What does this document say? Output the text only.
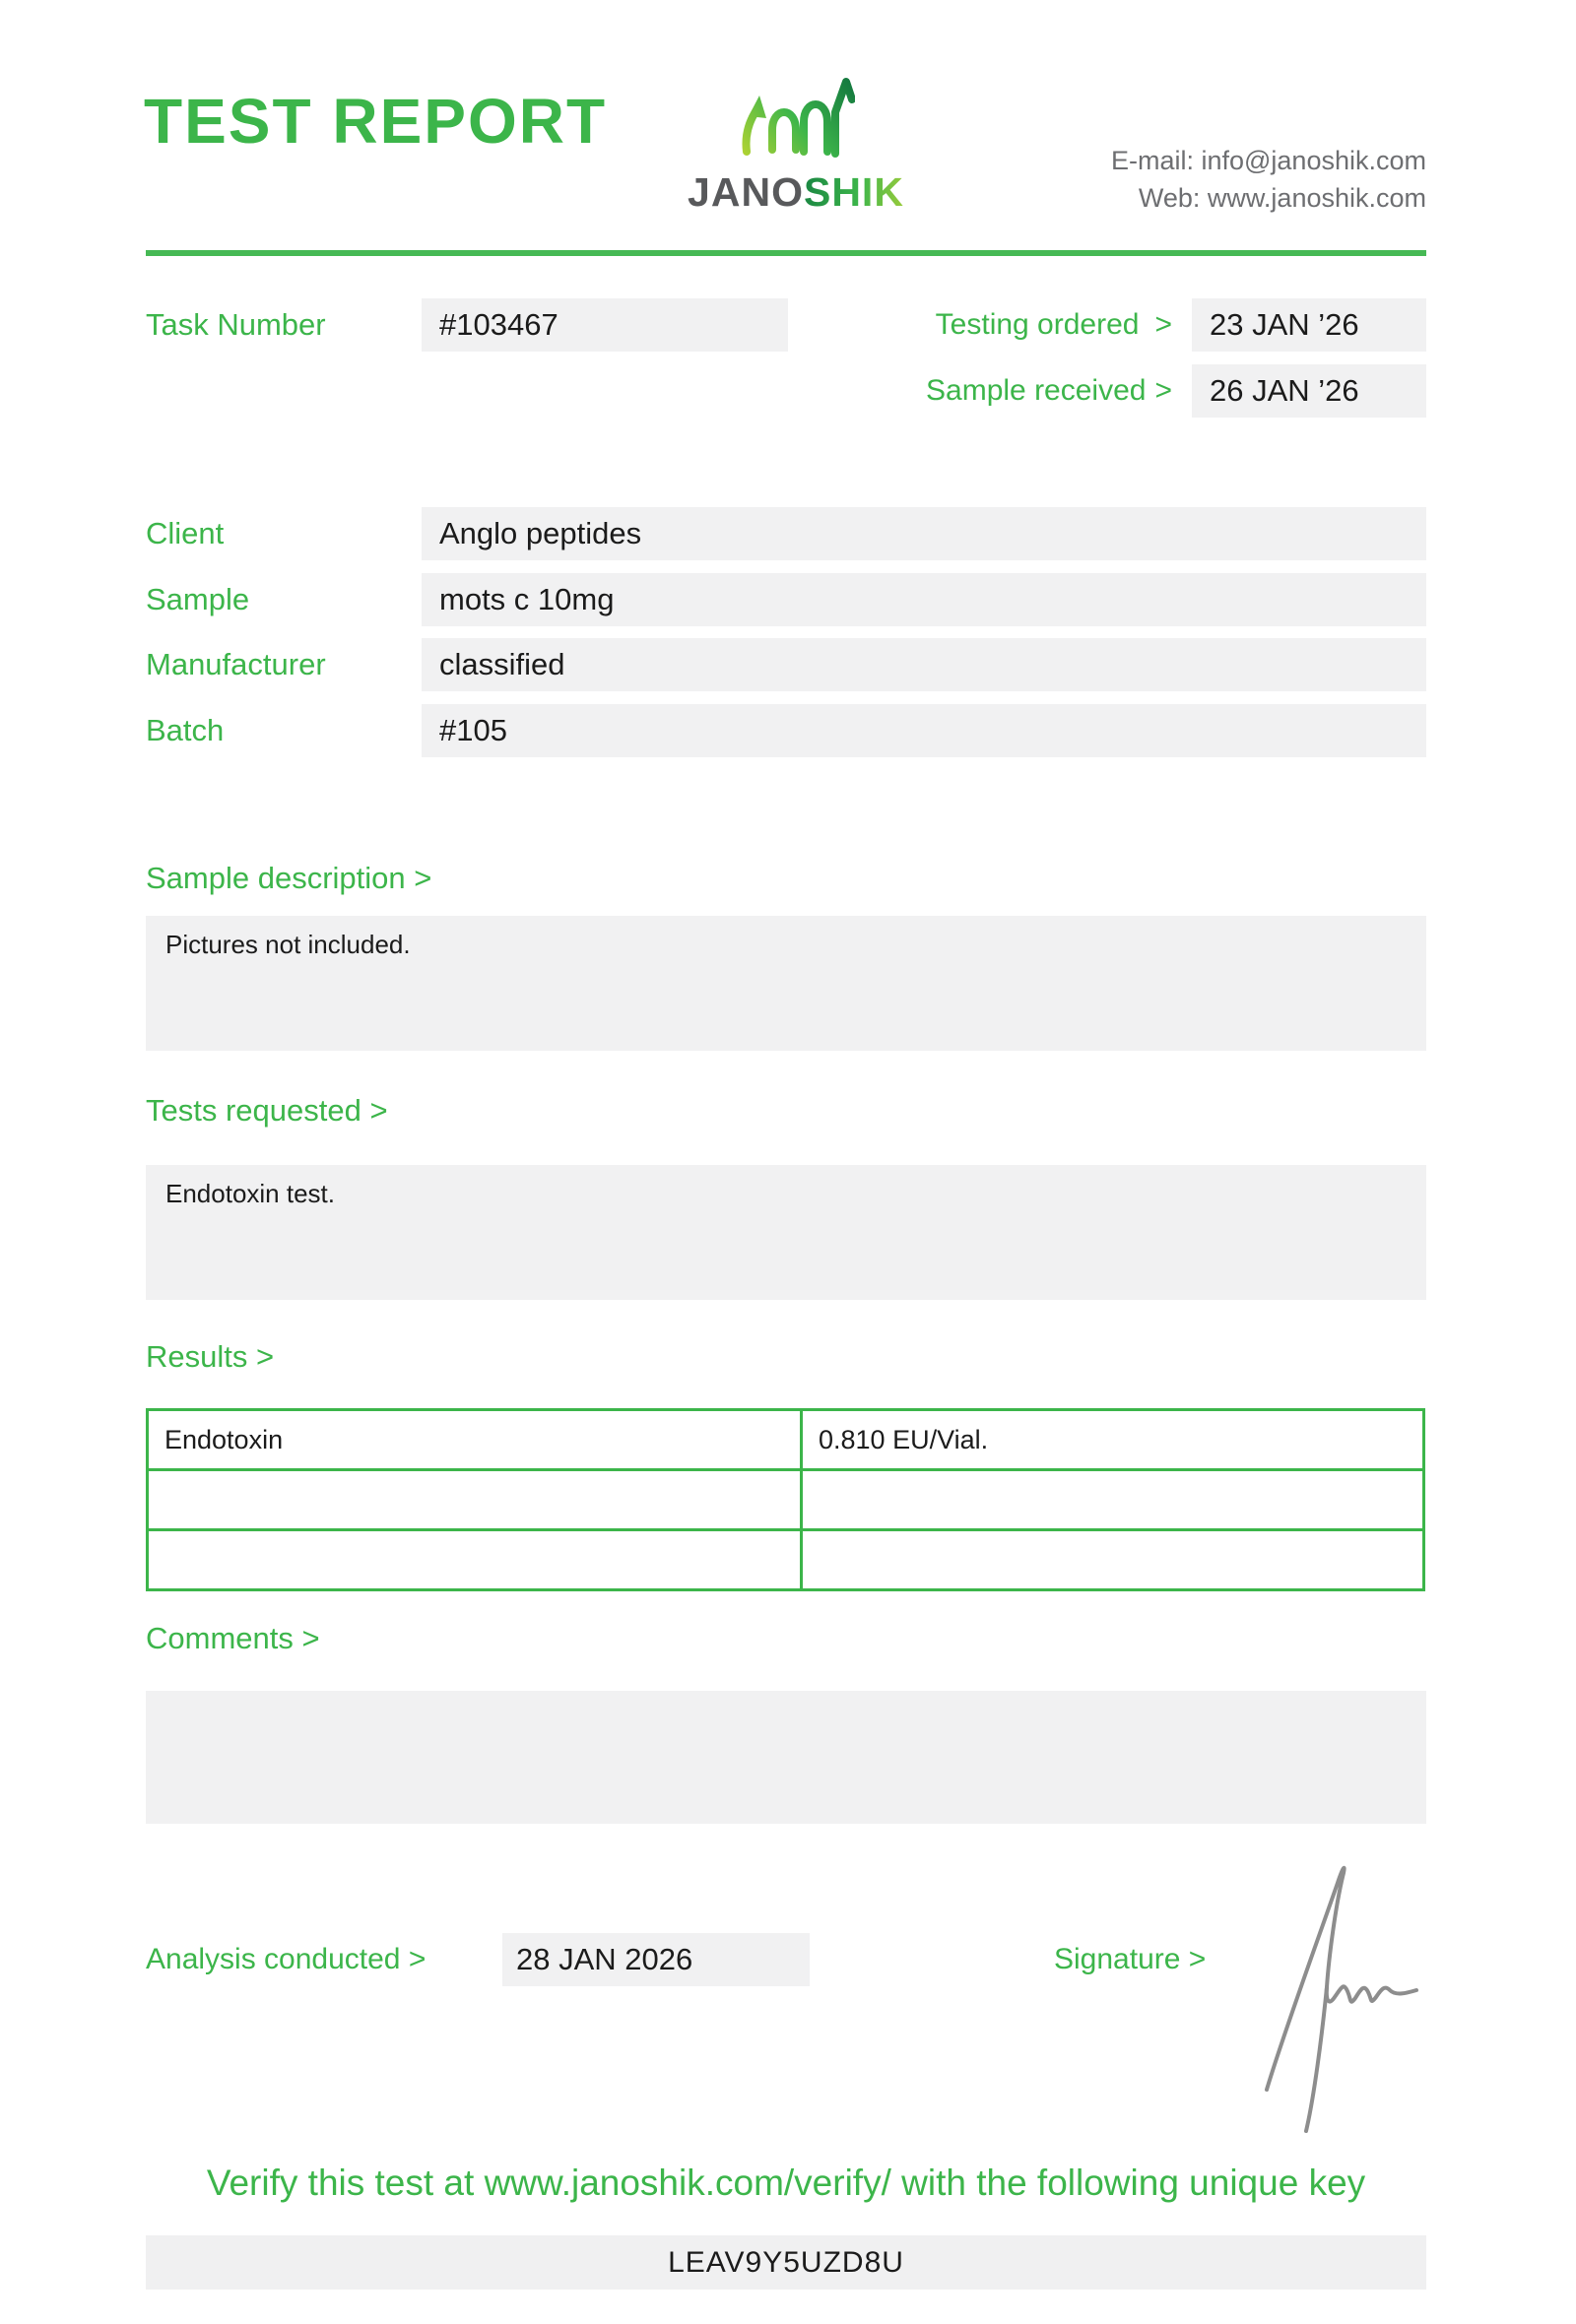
TEST REPORT
JANOSHIK
E-mail: info@janoshik.com
Web: www.janoshik.com
Task Number	#103467	Testing ordered >	23 JAN ’26
Sample received >	26 JAN ’26
Client	Anglo peptides
Sample	mots c 10mg
Manufacturer	classified
Batch	#105
Sample description >
Pictures not included.
Tests requested >
Endotoxin test.
Results >
Endotoxin	0.810 EU/Vial.

Comments >
Analysis conducted >	28 JAN 2026	Signature >
Verify this test at www.janoshik.com/verify/ with the following unique key
LEAV9Y5UZD8U
